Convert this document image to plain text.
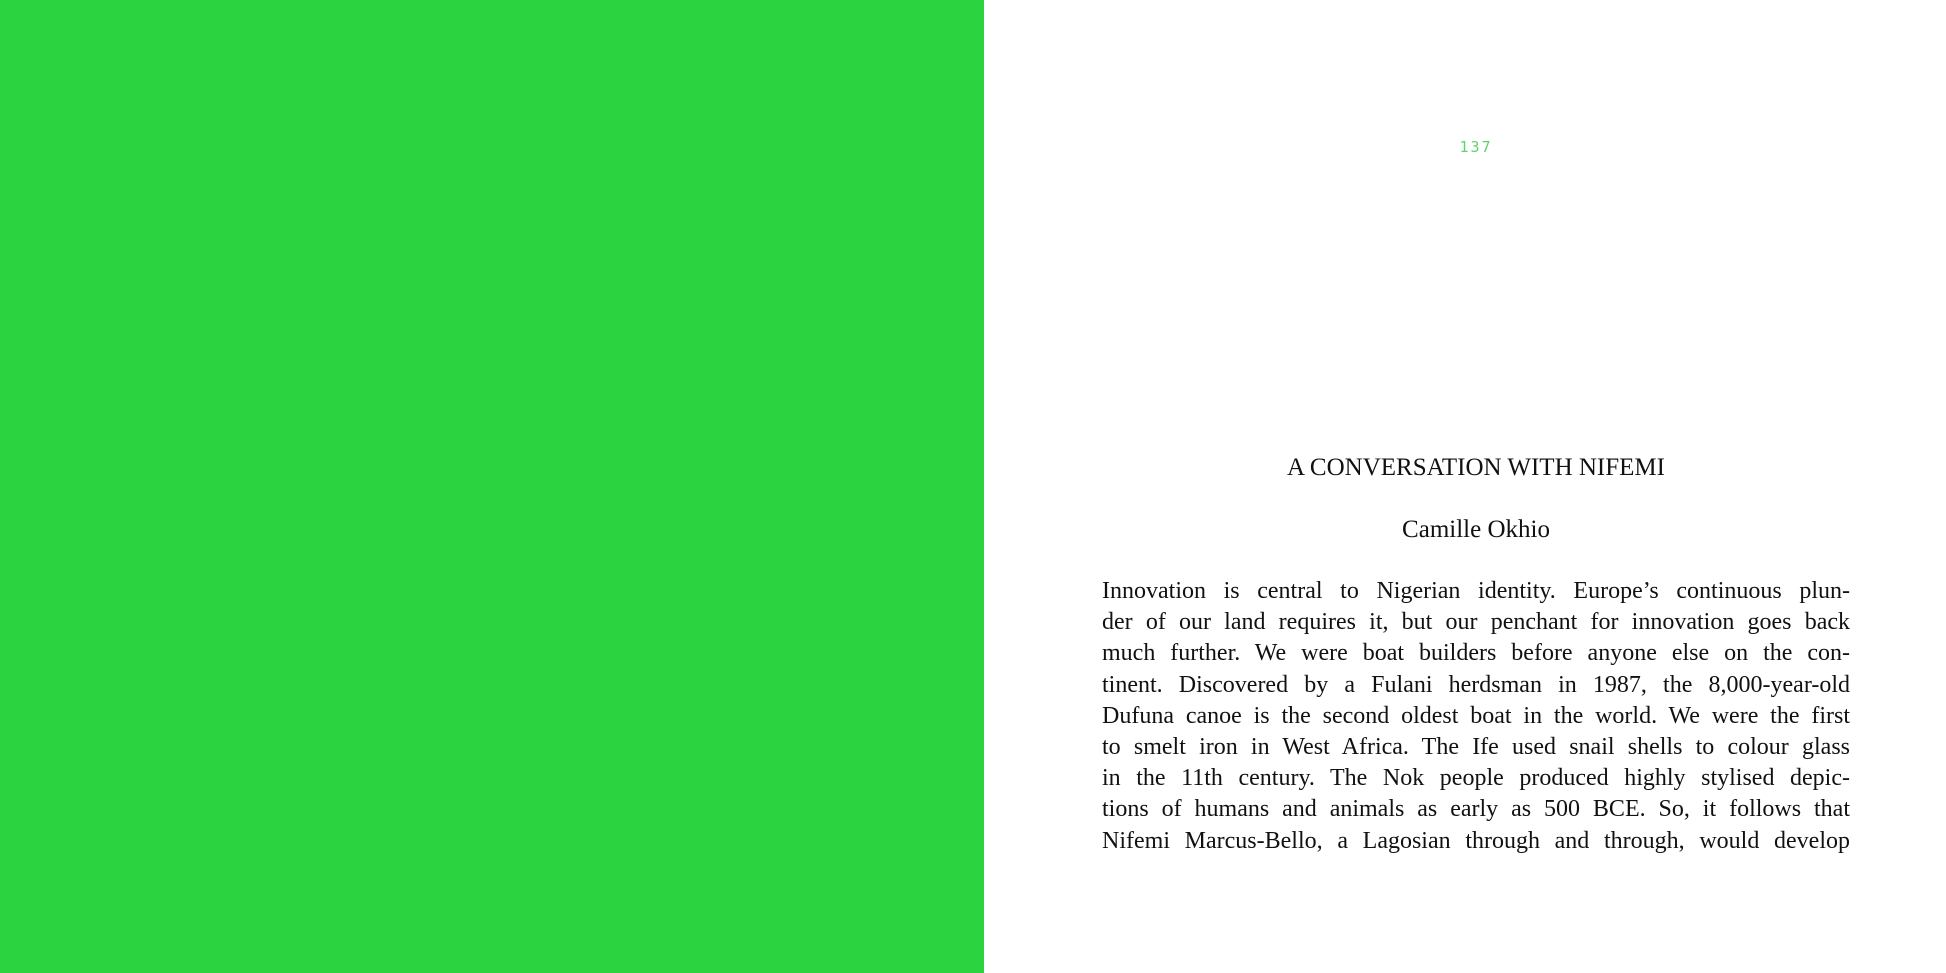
137
A CONVERSATION WITH NIFEMI
Camille Okhio
Innovation is central to Nigerian identity. Europe’s continuous plun-
der of our land requires it, but our penchant for innovation goes back
much further. We were boat builders before anyone else on the con-
tinent. Discovered by a Fulani herdsman in 1987, the 8,000-year-old
Dufuna canoe is the second oldest boat in the world. We were the first
to smelt iron in West Africa. The Ife used snail shells to colour glass
in the 11th century. The Nok people produced highly stylised depic-
tions of humans and animals as early as 500 BCE. So, it follows that
Nifemi Marcus-Bello, a Lagosian through and through, would develop
